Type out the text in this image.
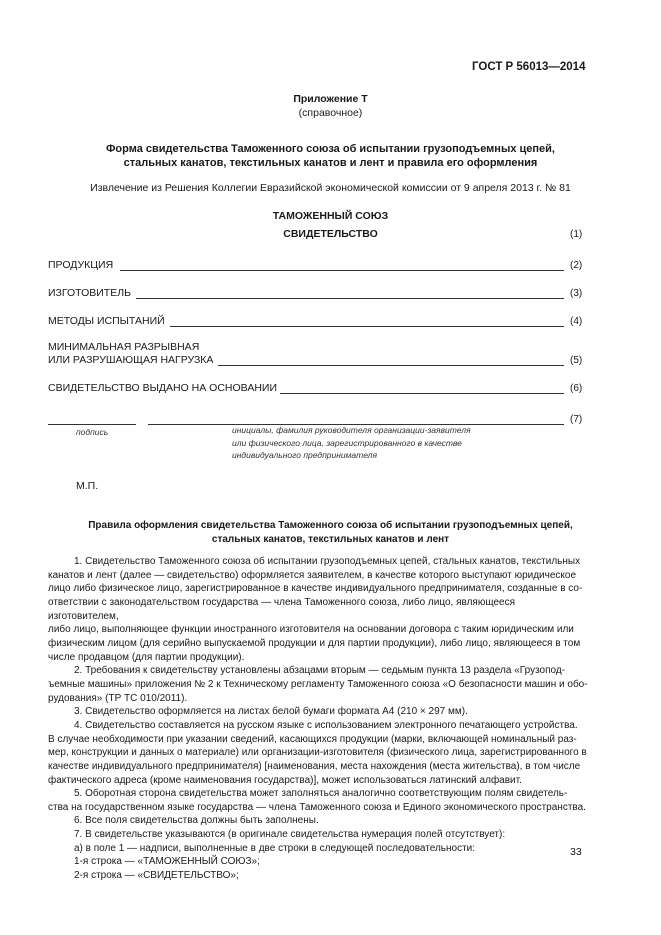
ГОСТ Р 56013—2014
Приложение Т
(справочное)
Форма свидетельства Таможенного союза об испытании грузоподъемных цепей,
стальных канатов, текстильных канатов и лент и правила его оформления
Извлечение из Решения Коллегии Евразийской экономической комиссии от 9 апреля 2013 г. № 81
ТАМОЖЕННЫЙ СОЮЗ
СВИДЕТЕЛЬСТВО	(1)
ПРОДУКЦИЯ	(2)
ИЗГОТОВИТЕЛЬ	(3)
МЕТОДЫ ИСПЫТАНИЙ	(4)
МИНИМАЛЬНАЯ РАЗРЫВНАЯ
ИЛИ РАЗРУШАЮЩАЯ НАГРУЗКА	(5)
СВИДЕТЕЛЬСТВО ВЫДАНО НА ОСНОВАНИИ	(6)
(7)
подпись	инициалы, фамилия руководителя организации-заявителя
или физического лица, зарегистрированного в качестве
индивидуального предпринимателя
М.П.
Правила оформления свидетельства Таможенного союза об испытании грузоподъемных цепей,
стальных канатов, текстильных канатов и лент
1. Свидетельство Таможенного союза об испытании грузоподъемных цепей, стальных канатов, текстильных
канатов и лент (далее — свидетельство) оформляется заявителем, в качестве которого выступают юридическое
лицо либо физическое лицо, зарегистрированное в качестве индивидуального предпринимателя, созданные в со-
ответствии с законодательством государства — члена Таможенного союза, либо лицо, являющееся изготовителем,
либо лицо, выполняющее функции иностранного изготовителя на основании договора с таким юридическим или
физическим лицом (для серийно выпускаемой продукции и для партии продукции), либо лицо, являющееся в том
числе продавцом (для партии продукции).
2. Требования к свидетельству установлены абзацами вторым — седьмым пункта 13 раздела «Грузопод-
ъемные машины» приложения № 2 к Техническому регламенту Таможенного союза «О безопасности машин и обо-
рудования» (ТР ТС 010/2011).
3. Свидетельство оформляется на листах белой бумаги формата А4 (210 × 297 мм).
4. Свидетельство составляется на русском языке с использованием электронного печатающего устройства.
В случае необходимости при указании сведений, касающихся продукции (марки, включающей номинальный раз-
мер, конструкции и данных о материале) или организации-изготовителя (физического лица, зарегистрированного в
качестве индивидуального предпринимателя) [наименования, места нахождения (места жительства), в том числе
фактического адреса (кроме наименования государства)], может использоваться латинский алфавит.
5. Оборотная сторона свидетельства может заполняться аналогично соответствующим полям свидетель-
ства на государственном языке государства — члена Таможенного союза и Единого экономического пространства.
6. Все поля свидетельства должны быть заполнены.
7. В свидетельстве указываются (в оригинале свидетельства нумерация полей отсутствует):
а) в поле 1 — надписи, выполненные в две строки в следующей последовательности:
1-я строка — «ТАМОЖЕННЫЙ СОЮЗ»;
2-я строка — «СВИДЕТЕЛЬСТВО»;
33
